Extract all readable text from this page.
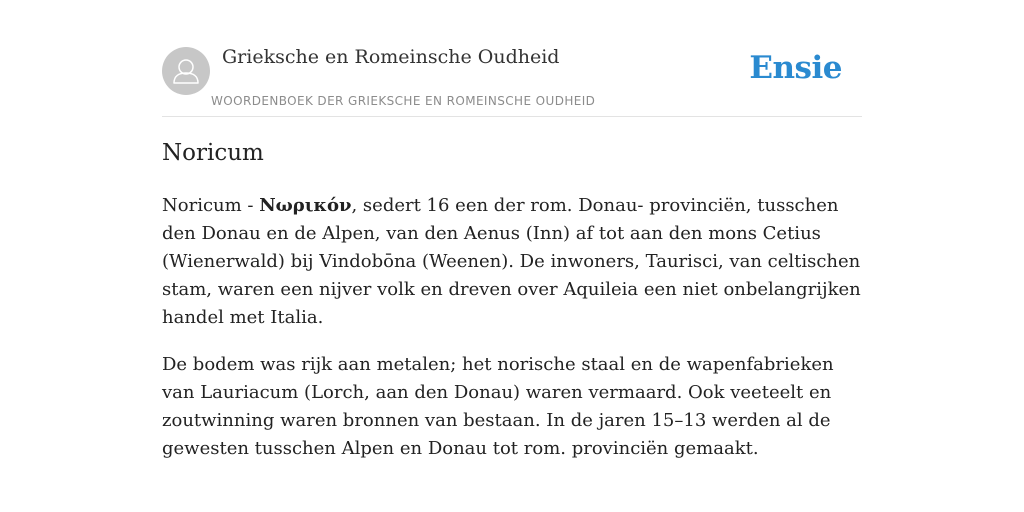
Grieksche en Romeinsche Oudheid
WOORDENBOEK DER GRIEKSCHE EN ROMEINSCHE OUDHEID
Ensie
Noricum

Noricum - Νωρικόν, sedert 16 een der rom. Donau- provinciën, tusschen den Donau en de Alpen, van den Aenus (Inn) af tot aan den mons Cetius (Wienerwald) bij Vindobōna (Weenen). De inwoners, Taurisci, van celtischen stam, waren een nijver volk en dreven over Aquileia een niet onbelangrijken handel met Italia.

De bodem was rijk aan metalen; het norische staal en de wapenfabrieken van Lauriacum (Lorch, aan den Donau) waren vermaard. Ook veeteelt en zoutwinning waren bronnen van bestaan. In de jaren 15–13 werden al de gewesten tusschen Alpen en Donau tot rom. provinciën gemaakt.
